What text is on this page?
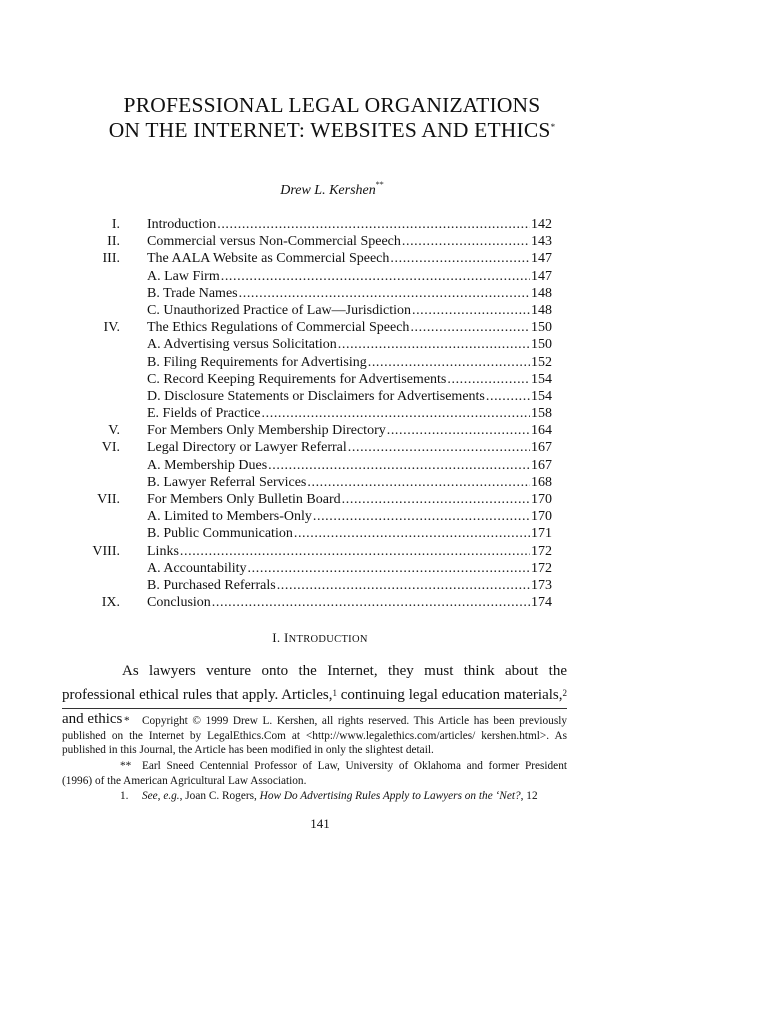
PROFESSIONAL LEGAL ORGANIZATIONS
ON THE INTERNET: WEBSITES AND ETHICS*
Drew L. Kershen**
I. Introduction .....	142
II. Commercial versus Non-Commercial Speech .....	143
III. The AALA Website as Commercial Speech .....	147
A. Law Firm .....	147
B. Trade Names .....	148
C. Unauthorized Practice of Law—Jurisdiction .....	148
IV. The Ethics Regulations of Commercial Speech .....	150
A. Advertising versus Solicitation .....	150
B. Filing Requirements for Advertising .....	152
C. Record Keeping Requirements for Advertisements .....	154
D. Disclosure Statements or Disclaimers for Advertisements .....	154
E. Fields of Practice .....	158
V. For Members Only Membership Directory .....	164
VI. Legal Directory or Lawyer Referral .....	167
A. Membership Dues .....	167
B. Lawyer Referral Services .....	168
VII. For Members Only Bulletin Board .....	170
A. Limited to Members-Only .....	170
B. Public Communication .....	171
VIII. Links .....	172
A. Accountability .....	172
B. Purchased Referrals .....	173
IX. Conclusion .....	174
I. INTRODUCTION

As lawyers venture onto the Internet, they must think about the professional ethical rules that apply. Articles,$^1$ continuing legal education materials,$^2$ and ethics * Copyright © 1999 Drew L. Kershen, all rights reserved. This Article has been previously published on the Internet by LegalEthics.Com at <http://www.legalethics.com/articles/ kershen.html>. As published in this Journal, the Article has been modified in only the slightest detail.
** Earl Sneed Centennial Professor of Law, University of Oklahoma and former President (1996) of the American Agricultural Law Association.
1. See, e.g., Joan C. Rogers, How Do Advertising Rules Apply to Lawyers on the ‘Net?, 12
141
